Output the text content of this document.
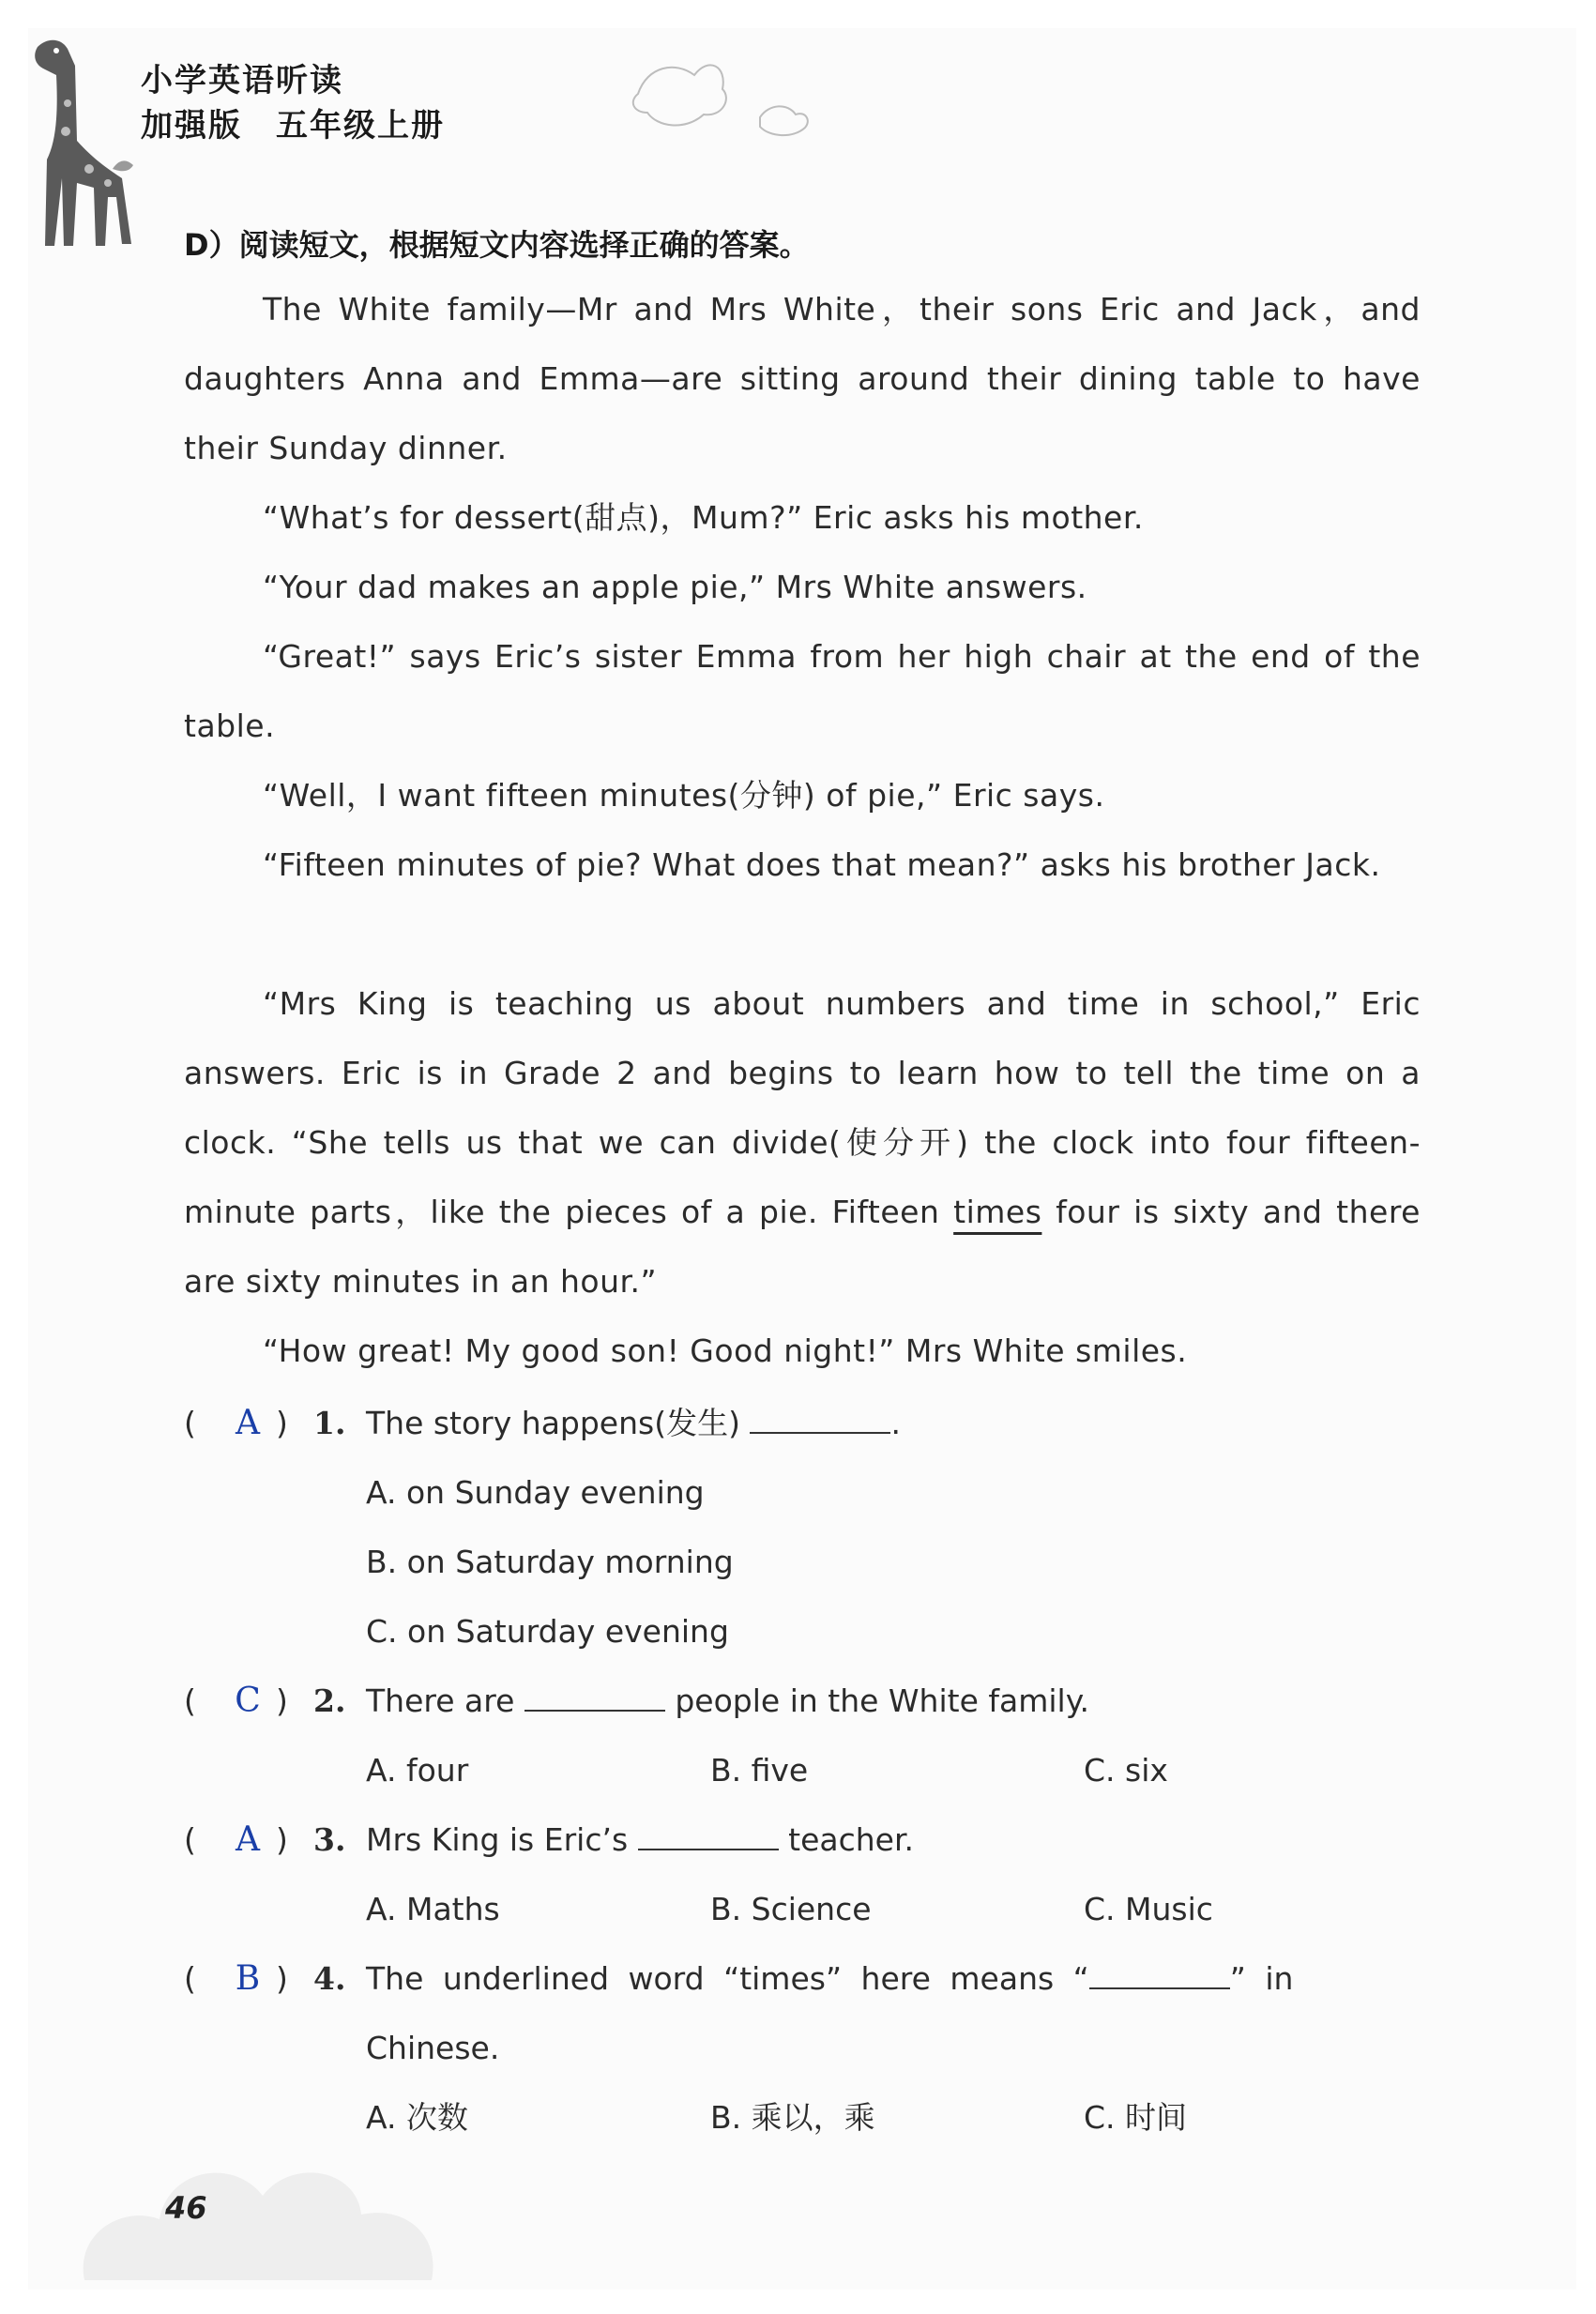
小学英语听读
加强版　五年级上册
D）阅读短文，根据短文内容选择正确的答案。
The White family—Mr and Mrs White，their sons Eric and Jack，and daughters Anna and Emma—are sitting around their dining table to have their Sunday dinner.
“What’s for dessert(甜点)，Mum?” Eric asks his mother.
“Your dad makes an apple pie,” Mrs White answers.
“Great!” says Eric’s sister Emma from her high chair at the end of the table.
“Well，I want fifteen minutes(分钟) of pie,” Eric says.
“Fifteen minutes of pie? What does that mean?” asks his brother Jack.
“Mrs King is teaching us about numbers and time in school,” Eric answers. Eric is in Grade 2 and begins to learn how to tell the time on a clock. “She tells us that we can divide(使分开) the clock into four fifteen-minute parts，like the pieces of a pie. Fifteen times four is sixty and there are sixty minutes in an hour.”
“How great! My good son! Good night!” Mrs White smiles.
(	A ) 1. The story happens(发生)	.
A. on Sunday evening
B. on Saturday morning
C. on Saturday evening
(	C ) 2. There are	people in the White family.
A. four	B. five	C. six
(	A ) 3. Mrs King is Eric’s	teacher.
A. Maths	B. Science	C. Music
(	B ) 4. The underlined word “times” here means “	” in
Chinese.
A. 次数	B. 乘以，乘	C. 时间
46
